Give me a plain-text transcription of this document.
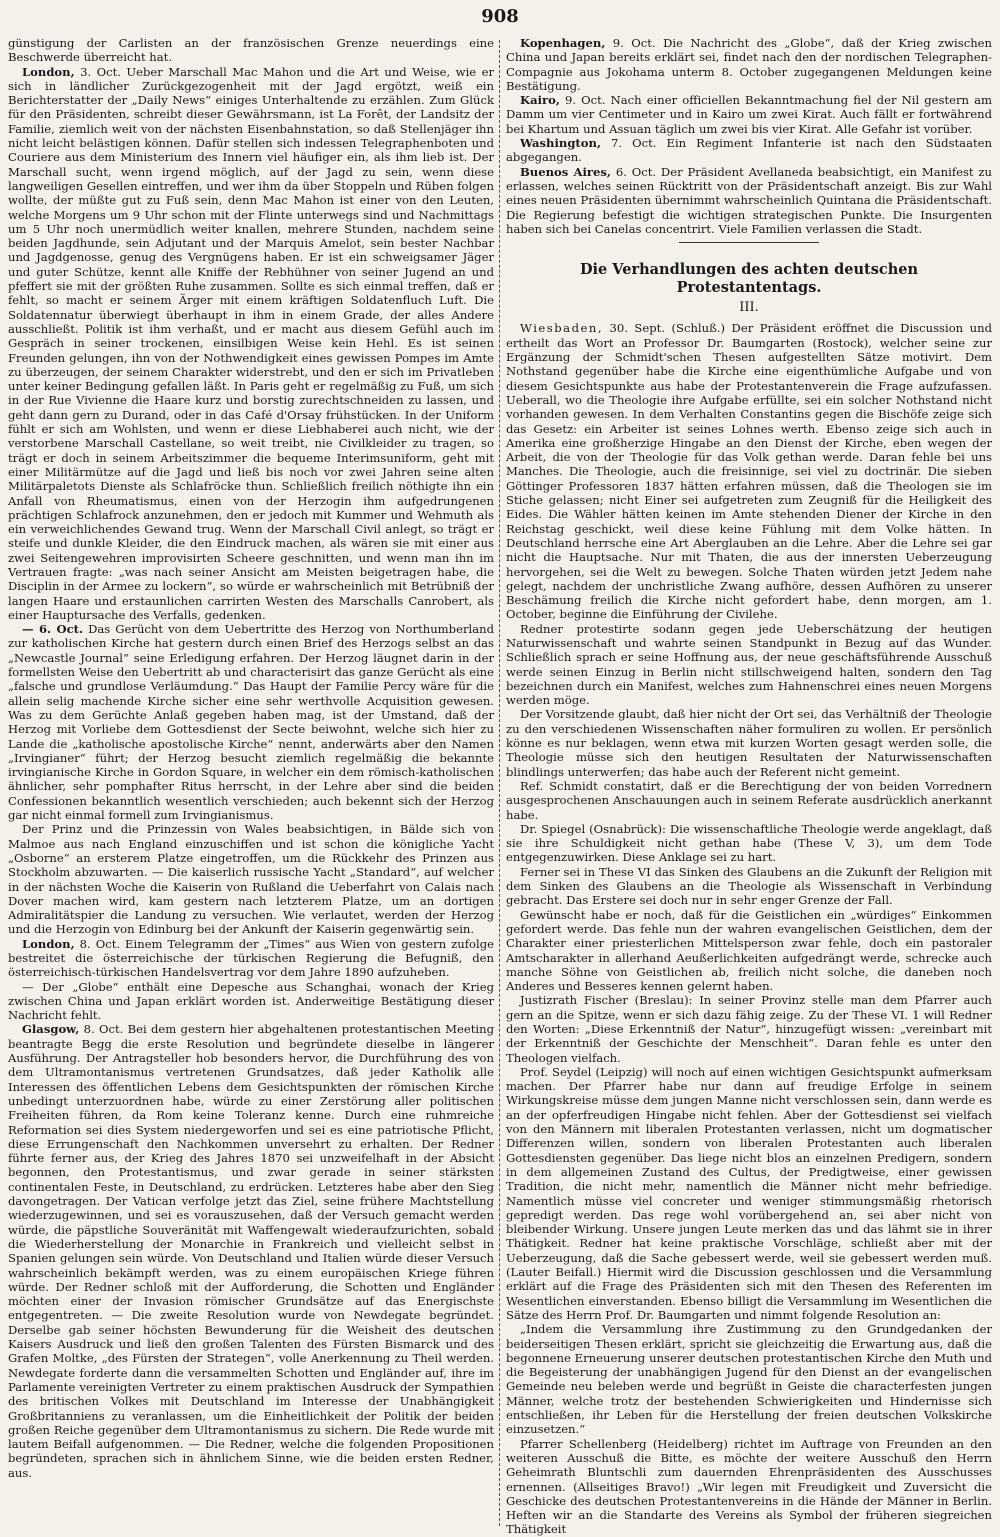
908

günstigung der Carlisten an der französischen Grenze neuerdings eine Beschwerde überreicht hat.

London, 3. Oct. Ueber Marschall Mac Mahon und die Art und Weise, wie er sich in ländlicher Zurückgezogenheit mit der Jagd ergötzt, weiß ein Berichterstatter der „Daily News“ einiges Unterhaltende zu erzählen. Zum Glück für den Präsidenten, schreibt dieser Gewährsmann, ist La Forêt, der Landsitz der Familie, ziemlich weit von der nächsten Eisenbahnstation, so daß Stellenjäger ihn nicht leicht belästigen können. Dafür stellen sich indessen Telegraphenboten und Couriere aus dem Ministerium des Innern viel häufiger ein, als ihm lieb ist. Der Marschall sucht, wenn irgend möglich, auf der Jagd zu sein, wenn diese langweiligen Gesellen eintreffen, und wer ihm da über Stoppeln und Rüben folgen wollte, der müßte gut zu Fuß sein, denn Mac Mahon ist einer von den Leuten, welche Morgens um 9 Uhr schon mit der Flinte unterwegs sind und Nachmittags um 5 Uhr noch unermüdlich weiter knallen, mehrere Stunden, nachdem seine beiden Jagdhunde, sein Adjutant und der Marquis Amelot, sein bester Nachbar und Jagdgenosse, genug des Vergnügens haben. Er ist ein schweigsamer Jäger und guter Schütze, kennt alle Kniffe der Rebhühner von seiner Jugend an und pfeffert sie mit der größten Ruhe zusammen. Sollte es sich einmal treffen, daß er fehlt, so macht er seinem Ärger mit einem kräftigen Soldatenfluch Luft. Die Soldatennatur überwiegt überhaupt in ihm in einem Grade, der alles Andere ausschließt. Politik ist ihm verhaßt, und er macht aus diesem Gefühl auch im Gespräch in seiner trockenen, einsilbigen Weise kein Hehl. Es ist seinen Freunden gelungen, ihn von der Nothwendigkeit eines gewissen Pompes im Amte zu überzeugen, der seinem Charakter widerstrebt, und den er sich im Privatleben unter keiner Bedingung gefallen läßt. In Paris geht er regelmäßig zu Fuß, um sich in der Rue Vivienne die Haare kurz und borstig zurechtschneiden zu lassen, und geht dann gern zu Durand, oder in das Café d'Orsay frühstücken. In der Uniform fühlt er sich am Wohlsten, und wenn er diese Liebhaberei auch nicht, wie der verstorbene Marschall Castellane, so weit treibt, nie Civilkleider zu tragen, so trägt er doch in seinem Arbeitszimmer die bequeme Interimsuniform, geht mit einer Militärmütze auf die Jagd und ließ bis noch vor zwei Jahren seine alten Militärpaletots Dienste als Schlafröcke thun. Schließlich freilich nöthigte ihn ein Anfall von Rheumatismus, einen von der Herzogin ihm aufgedrungenen prächtigen Schlafrock anzunehmen, den er jedoch mit Kummer und Wehmuth als ein verweichlichendes Gewand trug. Wenn der Marschall Civil anlegt, so trägt er steife und dunkle Kleider, die den Eindruck machen, als wären sie mit einer aus zwei Seitengewehren improvisirten Scheere geschnitten, und wenn man ihn im Vertrauen fragte: „was nach seiner Ansicht am Meisten beigetragen habe, die Disciplin in der Armee zu lockern“, so würde er wahrscheinlich mit Betrübniß der langen Haare und erstaunlichen carrirten Westen des Marschalls Canrobert, als einer Hauptursache des Verfalls, gedenken.

— 6. Oct. Das Gerücht von dem Uebertritte des Herzog von Northumberland zur katholischen Kirche hat gestern durch einen Brief des Herzogs selbst an das „Newcastle Journal“ seine Erledigung erfahren. Der Herzog läugnet darin in der formellsten Weise den Uebertritt ab und characterisirt das ganze Gerücht als eine „falsche und grundlose Verläumdung.“ Das Haupt der Familie Percy wäre für die allein selig machende Kirche sicher eine sehr werthvolle Acquisition gewesen. Was zu dem Gerüchte Anlaß gegeben haben mag, ist der Umstand, daß der Herzog mit Vorliebe dem Gottesdienst der Secte beiwohnt, welche sich hier zu Lande die „katholische apostolische Kirche“ nennt, anderwärts aber den Namen „Irvingianer“ führt; der Herzog besucht ziemlich regelmäßig die bekannte irvingianische Kirche in Gordon Square, in welcher ein dem römisch-katholischen ähnlicher, sehr pomphafter Ritus herrscht, in der Lehre aber sind die beiden Confessionen bekanntlich wesentlich verschieden; auch bekennt sich der Herzog gar nicht einmal formell zum Irvingianismus.

Der Prinz und die Prinzessin von Wales beabsichtigen, in Bälde sich von Malmoe aus nach England einzuschiffen und ist schon die königliche Yacht „Osborne“ an ersterem Platze eingetroffen, um die Rückkehr des Prinzen aus Stockholm abzuwarten. — Die kaiserlich russische Yacht „Standard“, auf welcher in der nächsten Woche die Kaiserin von Rußland die Ueberfahrt von Calais nach Dover machen wird, kam gestern nach letzterem Platze, um an dortigen Admiralitätspier die Landung zu versuchen. Wie verlautet, werden der Herzog und die Herzogin von Edinburg bei der Ankunft der Kaiserin gegenwärtig sein.

London, 8. Oct. Einem Telegramm der „Times“ aus Wien von gestern zufolge bestreitet die österreichische der türkischen Regierung die Befugniß, den österreichisch-türkischen Handelsvertrag vor dem Jahre 1890 aufzuheben.

— Der „Globe“ enthält eine Depesche aus Schanghai, wonach der Krieg zwischen China und Japan erklärt worden ist. Anderweitige Bestätigung dieser Nachricht fehlt.

Glasgow, 8. Oct. Bei dem gestern hier abgehaltenen protestantischen Meeting beantragte Begg die erste Resolution und begründete dieselbe in längerer Ausführung. Der Antragsteller hob besonders hervor, die Durchführung des von dem Ultramontanismus vertretenen Grundsatzes, daß jeder Katholik alle Interessen des öffentlichen Lebens dem Gesichtspunkten der römischen Kirche unbedingt unterzuordnen habe, würde zu einer Zerstörung aller politischen Freiheiten führen, da Rom keine Toleranz kenne. Durch eine ruhmreiche Reformation sei dies System niedergeworfen und sei es eine patriotische Pflicht, diese Errungenschaft den Nachkommen unversehrt zu erhalten. Der Redner führte ferner aus, der Krieg des Jahres 1870 sei unzweifelhaft in der Absicht begonnen, den Protestantismus, und zwar gerade in seiner stärksten continentalen Feste, in Deutschland, zu erdrücken. Letzteres habe aber den Sieg davongetragen. Der Vatican verfolge jetzt das Ziel, seine frühere Machtstellung wiederzugewinnen, und sei es vorauszusehen, daß der Versuch gemacht werden würde, die päpstliche Souveränität mit Waffengewalt wiederaufzurichten, sobald die Wiederherstellung der Monarchie in Frankreich und vielleicht selbst in Spanien gelungen sein würde. Von Deutschland und Italien würde dieser Versuch wahrscheinlich bekämpft werden, was zu einem europäischen Kriege führen würde. Der Redner schloß mit der Aufforderung, die Schotten und Engländer möchten einer der Invasion römischer Grundsätze auf das Energischste entgegentreten. — Die zweite Resolution wurde von Newdegate begründet. Derselbe gab seiner höchsten Bewunderung für die Weisheit des deutschen Kaisers Ausdruck und ließ den großen Talenten des Fürsten Bismarck und des Grafen Moltke, „des Fürsten der Strategen“, volle Anerkennung zu Theil werden. Newdegate forderte dann die versammelten Schotten und Engländer auf, ihre im Parlamente vereinigten Vertreter zu einem praktischen Ausdruck der Sympathien des britischen Volkes mit Deutschland im Interesse der Unabhängigkeit Großbritanniens zu veranlassen, um die Einheitlichkeit der Politik der beiden großen Reiche gegenüber dem Ultramontanismus zu sichern. Die Rede wurde mit lautem Beifall aufgenommen. — Die Redner, welche die folgenden Propositionen begründeten, sprachen sich in ähnlichem Sinne, wie die beiden ersten Redner, aus.

Kopenhagen, 9. Oct. Die Nachricht des „Globe“, daß der Krieg zwischen China und Japan bereits erklärt sei, findet nach den der nordischen Telegraphen-Compagnie aus Jokohama unterm 8. October zugegangenen Meldungen keine Bestätigung.

Kairo, 9. Oct. Nach einer officiellen Bekanntmachung fiel der Nil gestern am Damm um vier Centimeter und in Kairo um zwei Kirat. Auch fällt er fortwährend bei Khartum und Assuan täglich um zwei bis vier Kirat. Alle Gefahr ist vorüber.

Washington, 7. Oct. Ein Regiment Infanterie ist nach den Südstaaten abgegangen.

Buenos Aires, 6. Oct. Der Präsident Avellaneda beabsichtigt, ein Manifest zu erlassen, welches seinen Rücktritt von der Präsidentschaft anzeigt. Bis zur Wahl eines neuen Präsidenten übernimmt wahrscheinlich Quintana die Präsidentschaft. Die Regierung befestigt die wichtigen strategischen Punkte. Die Insurgenten haben sich bei Canelas concentrirt. Viele Familien verlassen die Stadt.

Die Verhandlungen des achten deutschen Protestantentags.
III.

Wiesbaden, 30. Sept. (Schluß.) Der Präsident eröffnet die Discussion und ertheilt das Wort an Professor Dr. Baumgarten (Rostock), welcher seine zur Ergänzung der Schmidt'schen Thesen aufgestellten Sätze motivirt. Dem Nothstand gegenüber habe die Kirche eine eigenthümliche Aufgabe und von diesem Gesichtspunkte aus habe der Protestantenverein die Frage aufzufassen. Ueberall, wo die Theologie ihre Aufgabe erfüllte, sei ein solcher Nothstand nicht vorhanden gewesen. In dem Verhalten Constantins gegen die Bischöfe zeige sich das Gesetz: ein Arbeiter ist seines Lohnes werth. Ebenso zeige sich auch in Amerika eine großherzige Hingabe an den Dienst der Kirche, eben wegen der Arbeit, die von der Theologie für das Volk gethan werde. Daran fehle bei uns Manches. Die Theologie, auch die freisinnige, sei viel zu doctrinär. Die sieben Göttinger Professoren 1837 hätten erfahren müssen, daß die Theologen sie im Stiche gelassen; nicht Einer sei aufgetreten zum Zeugniß für die Heiligkeit des Eides. Die Wähler hätten keinen im Amte stehenden Diener der Kirche in den Reichstag geschickt, weil diese keine Fühlung mit dem Volke hätten. In Deutschland herrsche eine Art Aberglauben an die Lehre. Aber die Lehre sei gar nicht die Hauptsache. Nur mit Thaten, die aus der innersten Ueberzeugung hervorgehen, sei die Welt zu bewegen. Solche Thaten würden jetzt Jedem nahe gelegt, nachdem der unchristliche Zwang aufhöre, dessen Aufhören zu unserer Beschämung freilich die Kirche nicht gefordert habe, denn morgen, am 1. October, beginne die Einführung der Civilehe.

Redner protestirte sodann gegen jede Ueberschätzung der heutigen Naturwissenschaft und wahrte seinen Standpunkt in Bezug auf das Wunder. Schließlich sprach er seine Hoffnung aus, der neue geschäftsführende Ausschuß werde seinen Einzug in Berlin nicht stillschweigend halten, sondern den Tag bezeichnen durch ein Manifest, welches zum Hahnenschrei eines neuen Morgens werden möge.

Der Vorsitzende glaubt, daß hier nicht der Ort sei, das Verhältniß der Theologie zu den verschiedenen Wissenschaften näher formuliren zu wollen. Er persönlich könne es nur beklagen, wenn etwa mit kurzen Worten gesagt werden solle, die Theologie müsse sich den heutigen Resultaten der Naturwissenschaften blindlings unterwerfen; das habe auch der Referent nicht gemeint.

Ref. Schmidt constatirt, daß er die Berechtigung der von beiden Vorrednern ausgesprochenen Anschauungen auch in seinem Referate ausdrücklich anerkannt habe.

Dr. Spiegel (Osnabrück): Die wissenschaftliche Theologie werde angeklagt, daß sie ihre Schuldigkeit nicht gethan habe (These V, 3), um dem Tode entgegenzuwirken. Diese Anklage sei zu hart.

Ferner sei in These VI das Sinken des Glaubens an die Zukunft der Religion mit dem Sinken des Glaubens an die Theologie als Wissenschaft in Verbindung gebracht. Das Erstere sei doch nur in sehr enger Grenze der Fall.

Gewünscht habe er noch, daß für die Geistlichen ein „würdiges“ Einkommen gefordert werde. Das fehle nun der wahren evangelischen Geistlichen, dem der Charakter einer priesterlichen Mittelsperson zwar fehle, doch ein pastoraler Amtscharakter in allerhand Aeußerlichkeiten aufgedrängt werde, schrecke auch manche Söhne von Geistlichen ab, freilich nicht solche, die daneben noch Anderes und Besseres kennen gelernt haben.

Justizrath Fischer (Breslau): In seiner Provinz stelle man dem Pfarrer auch gern an die Spitze, wenn er sich dazu fähig zeige. Zu der These VI. 1 will Redner den Worten: „Diese Erkenntniß der Natur“, hinzugefügt wissen: „vereinbart mit der Erkenntniß der Geschichte der Menschheit“. Daran fehle es unter den Theologen vielfach.

Prof. Seydel (Leipzig) will noch auf einen wichtigen Gesichtspunkt aufmerksam machen. Der Pfarrer habe nur dann auf freudige Erfolge in seinem Wirkungskreise müsse dem jungen Manne nicht verschlossen sein, dann werde es an der opferfreudigen Hingabe nicht fehlen. Aber der Gottesdienst sei vielfach von den Männern mit liberalen Protestanten verlassen, nicht um dogmatischer Differenzen willen, sondern von liberalen Protestanten auch liberalen Gottesdiensten gegenüber. Das liege nicht blos an einzelnen Predigern, sondern in dem allgemeinen Zustand des Cultus, der Predigtweise, einer gewissen Tradition, die nicht mehr, namentlich die Männer nicht mehr befriedige. Namentlich müsse viel concreter und weniger stimmungsmäßig rhetorisch gepredigt werden. Das rege wohl vorübergehend an, sei aber nicht von bleibender Wirkung. Unsere jungen Leute merken das und das lähmt sie in ihrer Thätigkeit. Redner hat keine praktische Vorschläge, schließt aber mit der Ueberzeugung, daß die Sache gebessert werde, weil sie gebessert werden muß. (Lauter Beifall.) Hiermit wird die Discussion geschlossen und die Versammlung erklärt auf die Frage des Präsidenten sich mit den Thesen des Referenten im Wesentlichen einverstanden. Ebenso billigt die Versammlung im Wesentlichen die Sätze des Herrn Prof. Dr. Baumgarten und nimmt folgende Resolution an:

„Indem die Versammlung ihre Zustimmung zu den Grundgedanken der beiderseitigen Thesen erklärt, spricht sie gleichzeitig die Erwartung aus, daß die begonnene Erneuerung unserer deutschen protestantischen Kirche den Muth und die Begeisterung der unabhängigen Jugend für den Dienst an der evangelischen Gemeinde neu beleben werde und begrüßt in Geiste die characterfesten jungen Männer, welche trotz der bestehenden Schwierigkeiten und Hindernisse sich entschließen, ihr Leben für die Herstellung der freien deutschen Volkskirche einzusetzen.“

Pfarrer Schellenberg (Heidelberg) richtet im Auftrage von Freunden an den weiteren Ausschuß die Bitte, es möchte der weitere Ausschuß den Herrn Geheimrath Bluntschli zum dauernden Ehrenpräsidenten des Ausschusses ernennen. (Allseitiges Bravo!) „Wir legen mit Freudigkeit und Zuversicht die Geschicke des deutschen Protestantenvereins in die Hände der Männer in Berlin. Heften wir an die Standarte des Vereins als Symbol der früheren siegreichen Thätigkeit
